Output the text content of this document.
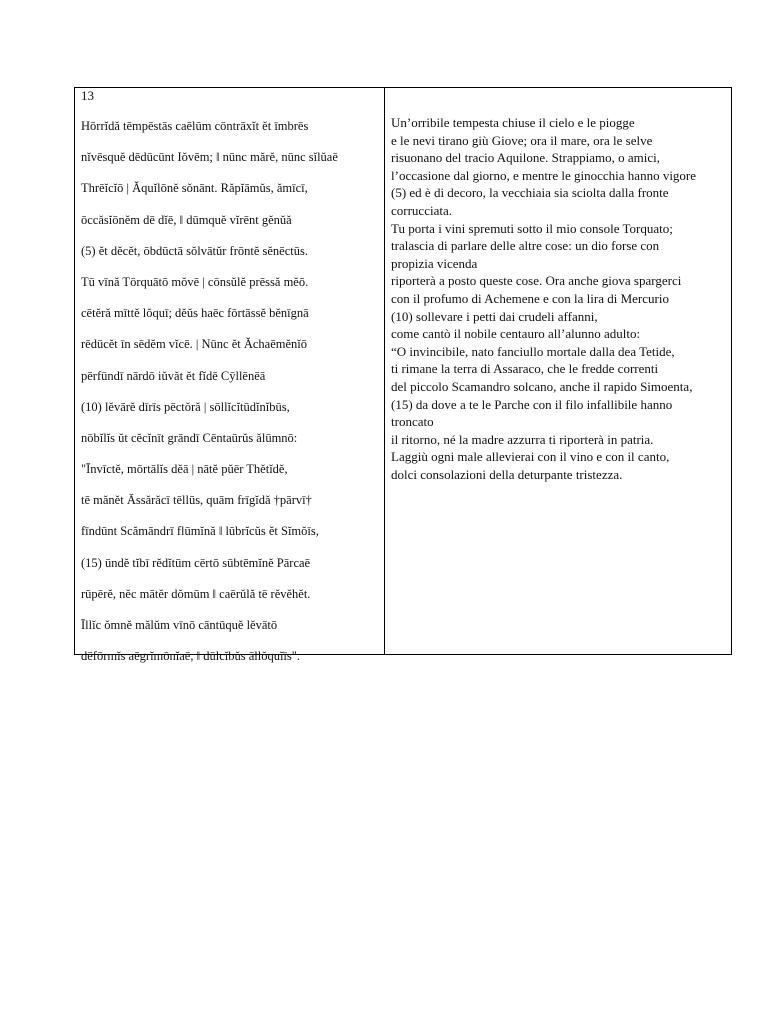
13
Hōrrĭdă tēmpēstās caēlūm cōntrāxĭt ĕt īmbrēs
nĭvēsquĕ dēdūcūnt Iŏvēm; ‖ nūnc mărĕ, nūnc sĭlŭaē
Thrēĭcĭō | Ăquĭlōnĕ sŏnānt. Răpĭāmŭs, ămīcī,
ōccăsĭōnĕm dē dĭē, ‖ dūmquĕ vĭrēnt gĕnŭă
(5) ĕt dĕcĕt, ōbdūctā sŏlvātŭr frōntĕ sĕnēctūs.
Tū vīnă Tōrquātō mŏvē | cōnsŭlĕ prēssă mĕō.
cētĕră mīttĕ lŏquī; dĕŭs haēc fōrtāssĕ bĕnīgnā
rēdūcĕt īn sēdĕm vĭcē. | Nūnc ĕt Ăchaēmĕnĭō
pērfūndī nārdō iŭvăt ĕt fĭdē Cȳllēnēā
(10) lĕvārĕ dīrīs pēctŏră | sōllĭcĭtūdĭnĭbūs,
nōbĭlĭs ŭt cĕcĭnīt grāndī Cēntaūrŭs ălūmnō:
"Īnvīctĕ, mōrtālĭs dĕā | nātĕ pŭēr Thĕtĭdĕ,
tē mănĕt Āssărăcī tēllūs, quām frīgĭdă †pārvī†
fīndūnt Scămāndrī flūmĭnă ‖ lūbrĭcŭs ĕt Sĭmŏīs,
(15) ūndĕ tĭbī rĕdĭtūm cērtō sūbtēmĭnĕ Pārcaē
rūpērĕ, nĕc mātĕr dŏmūm ‖ caērŭlă tē rĕvĕhĕt.
Īllĭc ŏmnĕ mălŭm vīnō cāntūquĕ lĕvātō
dēfōrmĭs aēgrĭmōnĭaē, ‖ dūlcĭbŭs āllŏquĭīs".
Un’orribile tempesta chiuse il cielo e le piogge
e le nevi tirano giù Giove; ora il mare, ora le selve
risuonano del tracio Aquilone. Strappiamo, o amici,
l’occasione dal giorno, e mentre le ginocchia hanno vigore
(5) ed è di decoro, la vecchiaia sia sciolta dalla fronte
corrucciata.
Tu porta i vini spremuti sotto il mio console Torquato;
tralascia di parlare delle altre cose: un dio forse con
propizia vicenda
riporterà a posto queste cose. Ora anche giova spargerci
con il profumo di Achemene e con la lira di Mercurio
(10) sollevare i petti dai crudeli affanni,
come cantò il nobile centauro all’alunno adulto:
“O invincibile, nato fanciullo mortale dalla dea Tetide,
ti rimane la terra di Assaraco, che le fredde correnti
del piccolo Scamandro solcano, anche il rapido Simoenta,
(15) da dove a te le Parche con il filo infallibile hanno
troncato
il ritorno, né la madre azzurra ti riporterà in patria.
Laggiù ogni male allevierai con il vino e con il canto,
dolci consolazioni della deturpante tristezza.
